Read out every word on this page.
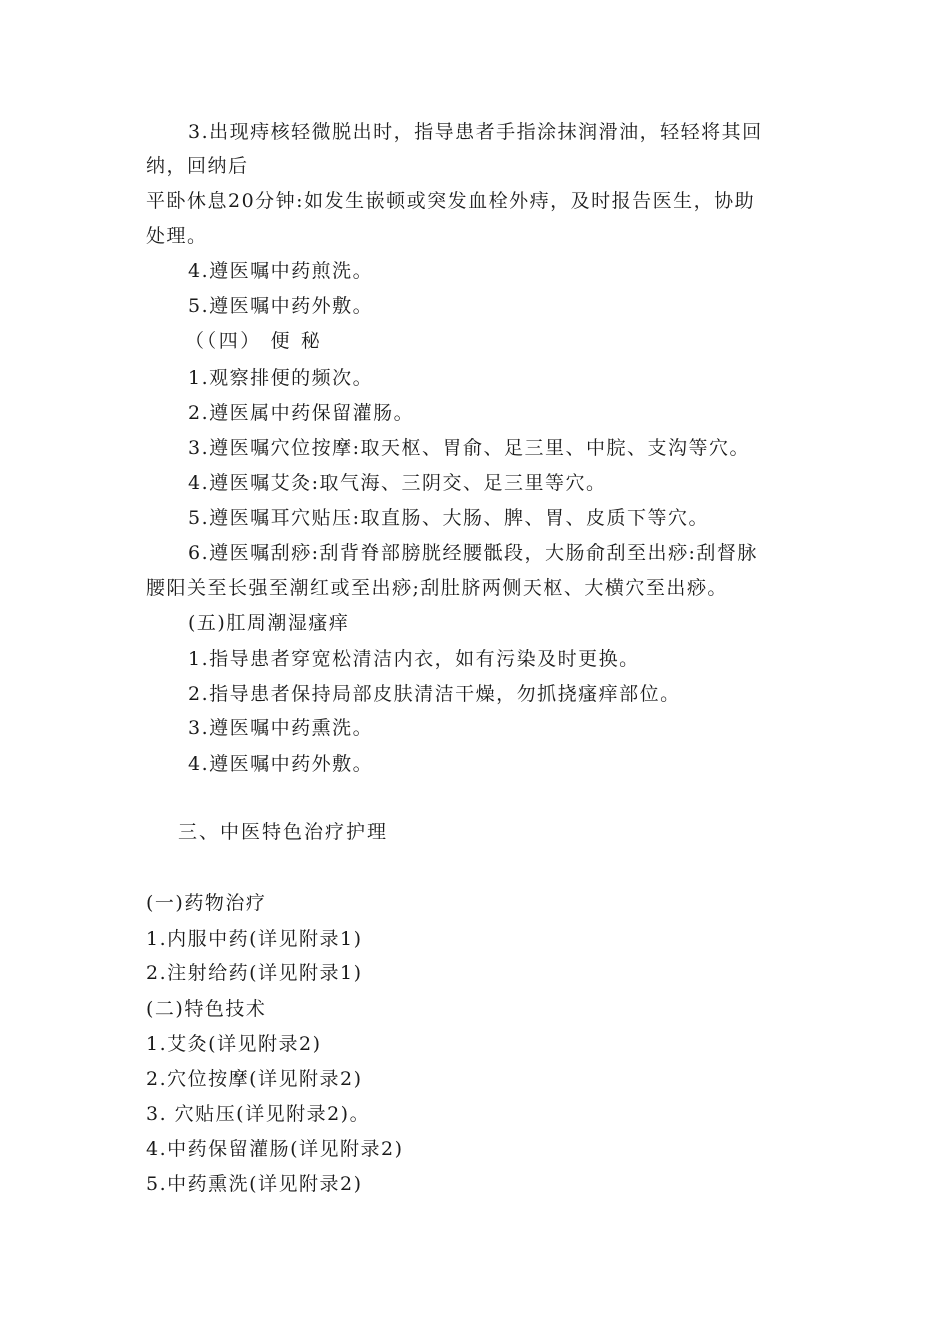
3.出现痔核轻微脱出时，指导患者手指涂抹润滑油，轻轻将其回
纳，回纳后
平卧休息20分钟:如发生嵌顿或突发血栓外痔，及时报告医生，协助
处理。
4.遵医嘱中药煎洗。
5.遵医嘱中药外敷。
（（四） 便 秘
1.观察排便的频次。
2.遵医属中药保留灌肠。
3.遵医嘱穴位按摩:取天枢、胃俞、足三里、中脘、支沟等穴。
4.遵医嘱艾灸:取气海、三阴交、足三里等穴。
5.遵医嘱耳穴贴压:取直肠、大肠、脾、胃、皮质下等穴。
6.遵医嘱刮痧:刮背脊部膀胱经腰骶段，大肠俞刮至出痧:刮督脉
腰阳关至长强至潮红或至出痧;刮肚脐两侧天枢、大横穴至出痧。
(五)肛周潮湿瘙痒
1.指导患者穿宽松清洁内衣，如有污染及时更换。
2.指导患者保持局部皮肤清洁干燥，勿抓挠瘙痒部位。
3.遵医嘱中药熏洗。
4.遵医嘱中药外敷。
三、中医特色治疗护理
(一)药物治疗
1.内服中药(详见附录1)
2.注射给药(详见附录1)
(二)特色技术
1.艾灸(详见附录2)
2.穴位按摩(详见附录2)
3. 穴贴压(详见附录2)。
4.中药保留灌肠(详见附录2)
5.中药熏洗(详见附录2)
